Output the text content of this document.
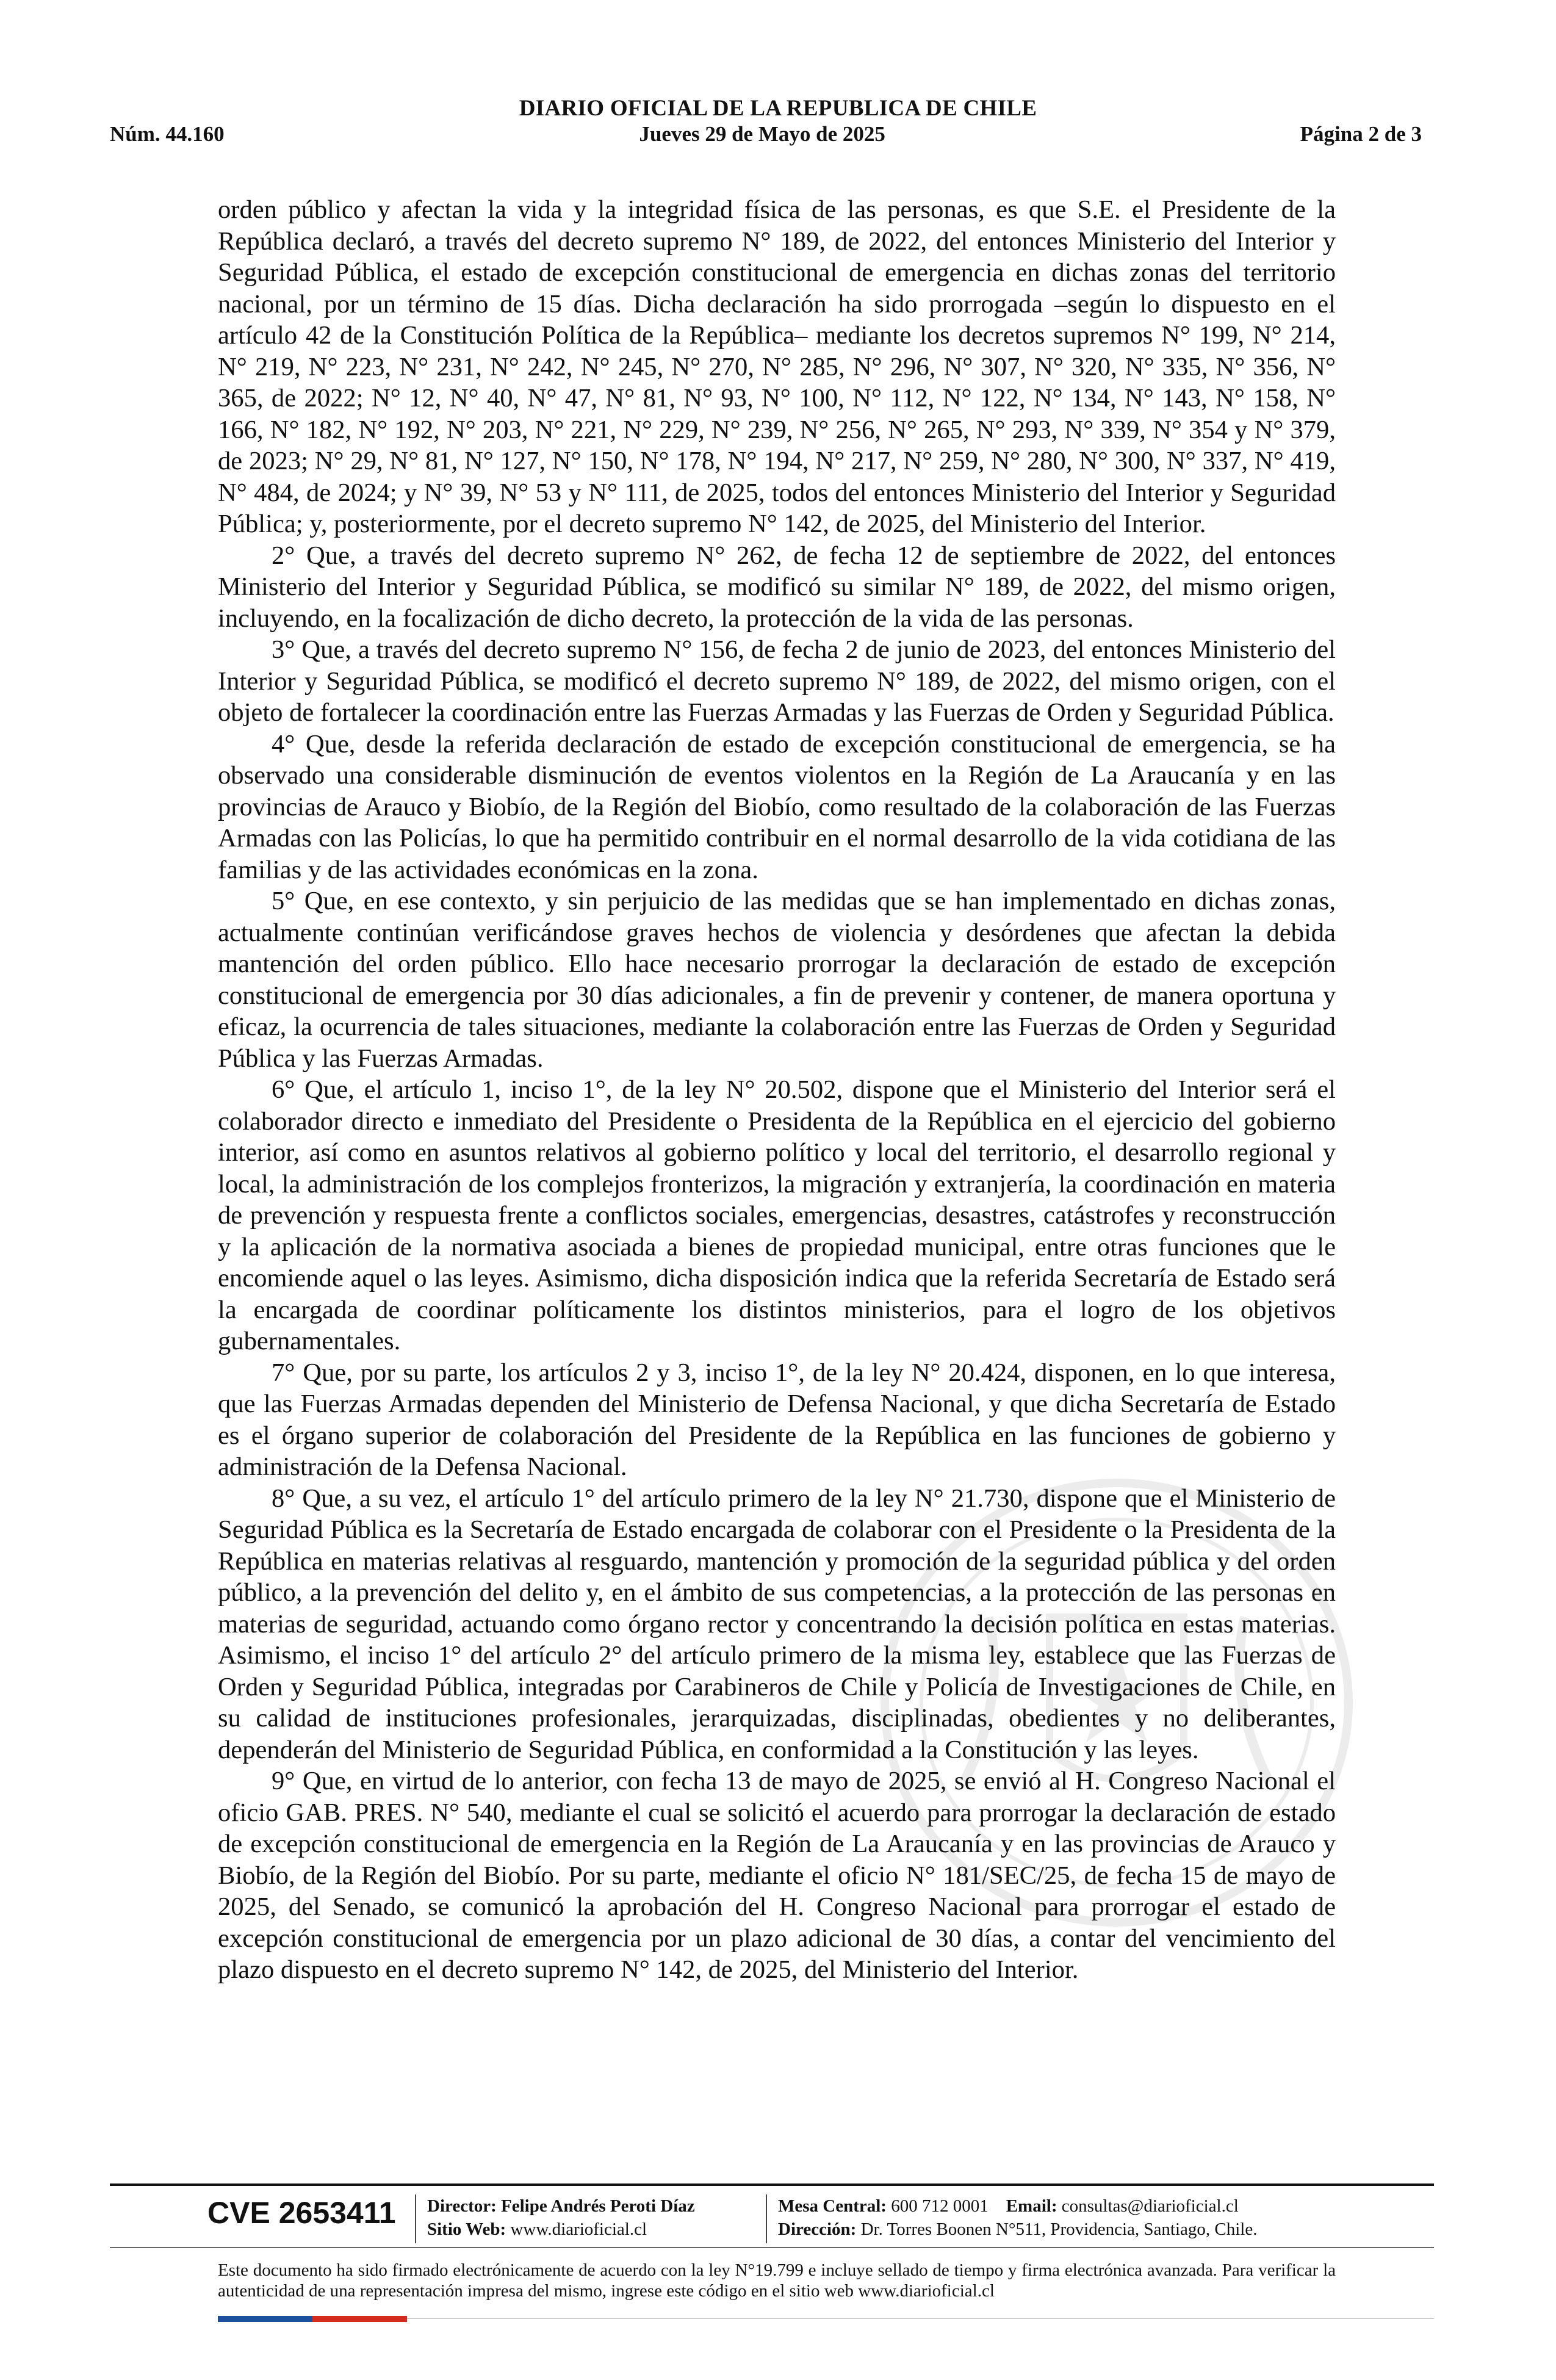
DIARIO OFICIAL DE LA REPUBLICA DE CHILE
Núm. 44.160	Jueves 29 de Mayo de 2025	Página 2 de 3

orden público y afectan la vida y la integridad física de las personas, es que S.E. el Presidente de la República declaró, a través del decreto supremo N° 189, de 2022, del entonces Ministerio del Interior y Seguridad Pública, el estado de excepción constitucional de emergencia en dichas zonas del territorio nacional, por un término de 15 días. Dicha declaración ha sido prorrogada –según lo dispuesto en el artículo 42 de la Constitución Política de la República– mediante los decretos supremos N° 199, N° 214, N° 219, N° 223, N° 231, N° 242, N° 245, N° 270, N° 285, N° 296, N° 307, N° 320, N° 335, N° 356, N° 365, de 2022; N° 12, N° 40, N° 47, N° 81, N° 93, N° 100, N° 112, N° 122, N° 134, N° 143, N° 158, N° 166, N° 182, N° 192, N° 203, N° 221, N° 229, N° 239, N° 256, N° 265, N° 293, N° 339, N° 354 y N° 379, de 2023; N° 29, N° 81, N° 127, N° 150, N° 178, N° 194, N° 217, N° 259, N° 280, N° 300, N° 337, N° 419, N° 484, de 2024; y N° 39, N° 53 y N° 111, de 2025, todos del entonces Ministerio del Interior y Seguridad Pública; y, posteriormente, por el decreto supremo N° 142, de 2025, del Ministerio del Interior.

2° Que, a través del decreto supremo N° 262, de fecha 12 de septiembre de 2022, del entonces Ministerio del Interior y Seguridad Pública, se modificó su similar N° 189, de 2022, del mismo origen, incluyendo, en la focalización de dicho decreto, la protección de la vida de las personas.

3° Que, a través del decreto supremo N° 156, de fecha 2 de junio de 2023, del entonces Ministerio del Interior y Seguridad Pública, se modificó el decreto supremo N° 189, de 2022, del mismo origen, con el objeto de fortalecer la coordinación entre las Fuerzas Armadas y las Fuerzas de Orden y Seguridad Pública.

4° Que, desde la referida declaración de estado de excepción constitucional de emergencia, se ha observado una considerable disminución de eventos violentos en la Región de La Araucanía y en las provincias de Arauco y Biobío, de la Región del Biobío, como resultado de la colaboración de las Fuerzas Armadas con las Policías, lo que ha permitido contribuir en el normal desarrollo de la vida cotidiana de las familias y de las actividades económicas en la zona.

5° Que, en ese contexto, y sin perjuicio de las medidas que se han implementado en dichas zonas, actualmente continúan verificándose graves hechos de violencia y desórdenes que afectan la debida mantención del orden público. Ello hace necesario prorrogar la declaración de estado de excepción constitucional de emergencia por 30 días adicionales, a fin de prevenir y contener, de manera oportuna y eficaz, la ocurrencia de tales situaciones, mediante la colaboración entre las Fuerzas de Orden y Seguridad Pública y las Fuerzas Armadas.

6° Que, el artículo 1, inciso 1°, de la ley N° 20.502, dispone que el Ministerio del Interior será el colaborador directo e inmediato del Presidente o Presidenta de la República en el ejercicio del gobierno interior, así como en asuntos relativos al gobierno político y local del territorio, el desarrollo regional y local, la administración de los complejos fronterizos, la migración y extranjería, la coordinación en materia de prevención y respuesta frente a conflictos sociales, emergencias, desastres, catástrofes y reconstrucción y la aplicación de la normativa asociada a bienes de propiedad municipal, entre otras funciones que le encomiende aquel o las leyes. Asimismo, dicha disposición indica que la referida Secretaría de Estado será la encargada de coordinar políticamente los distintos ministerios, para el logro de los objetivos gubernamentales.

7° Que, por su parte, los artículos 2 y 3, inciso 1°, de la ley N° 20.424, disponen, en lo que interesa, que las Fuerzas Armadas dependen del Ministerio de Defensa Nacional, y que dicha Secretaría de Estado es el órgano superior de colaboración del Presidente de la República en las funciones de gobierno y administración de la Defensa Nacional.

8° Que, a su vez, el artículo 1° del artículo primero de la ley N° 21.730, dispone que el Ministerio de Seguridad Pública es la Secretaría de Estado encargada de colaborar con el Presidente o la Presidenta de la República en materias relativas al resguardo, mantención y promoción de la seguridad pública y del orden público, a la prevención del delito y, en el ámbito de sus competencias, a la protección de las personas en materias de seguridad, actuando como órgano rector y concentrando la decisión política en estas materias. Asimismo, el inciso 1° del artículo 2° del artículo primero de la misma ley, establece que las Fuerzas de Orden y Seguridad Pública, integradas por Carabineros de Chile y Policía de Investigaciones de Chile, en su calidad de instituciones profesionales, jerarquizadas, disciplinadas, obedientes y no deliberantes, dependerán del Ministerio de Seguridad Pública, en conformidad a la Constitución y las leyes.

9° Que, en virtud de lo anterior, con fecha 13 de mayo de 2025, se envió al H. Congreso Nacional el oficio GAB. PRES. N° 540, mediante el cual se solicitó el acuerdo para prorrogar la declaración de estado de excepción constitucional de emergencia en la Región de La Araucanía y en las provincias de Arauco y Biobío, de la Región del Biobío. Por su parte, mediante el oficio N° 181/SEC/25, de fecha 15 de mayo de 2025, del Senado, se comunicó la aprobación del H. Congreso Nacional para prorrogar el estado de excepción constitucional de emergencia por un plazo adicional de 30 días, a contar del vencimiento del plazo dispuesto en el decreto supremo N° 142, de 2025, del Ministerio del Interior.

CVE 2653411	Director: Felipe Andrés Peroti Díaz
Sitio Web: www.diarioficial.cl
Mesa Central: 600 712 0001 Email: consultas@diarioficial.cl
Dirección: Dr. Torres Boonen N°511, Providencia, Santiago, Chile.
Este documento ha sido firmado electrónicamente de acuerdo con la ley N°19.799 e incluye sellado de tiempo y firma electrónica avanzada. Para verificar la autenticidad de una representación impresa del mismo, ingrese este código en el sitio web www.diarioficial.cl
